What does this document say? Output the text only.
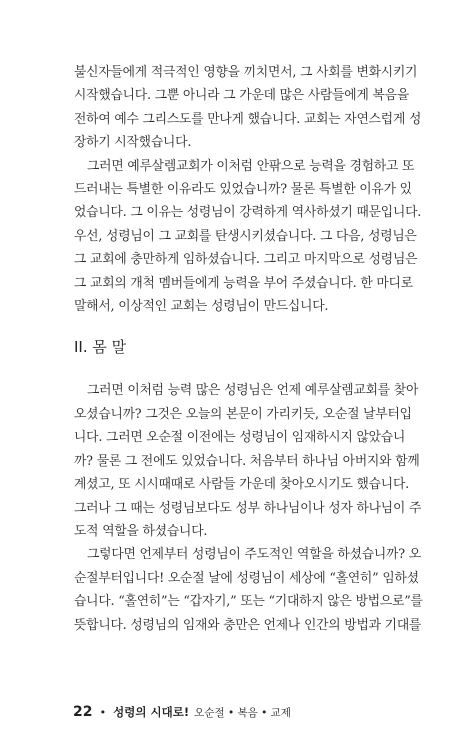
불신자들에게 적극적인 영향을 끼치면서, 그 사회를 변화시키기
시작했습니다. 그뿐 아니라 그 가운데 많은 사람들에게 복음을
전하여 예수 그리스도를 만나게 했습니다. 교회는 자연스럽게 성
장하기 시작했습니다.

그러면 예루살렘교회가 이처럼 안팎으로 능력을 경험하고 또
드러내는 특별한 이유라도 있었습니까? 물론 특별한 이유가 있
었습니다. 그 이유는 성령님이 강력하게 역사하셨기 때문입니다.
우선, 성령님이 그 교회를 탄생시키셨습니다. 그 다음, 성령님은
그 교회에 충만하게 임하셨습니다. 그리고 마지막으로 성령님은
그 교회의 개척 멤버들에게 능력을 부어 주셨습니다. 한 마디로
말해서, 이상적인 교회는 성령님이 만드십니다.

II. 몸 말

그러면 이처럼 능력 많은 성령님은 언제 예루살렘교회를 찾아
오셨습니까? 그것은 오늘의 본문이 가리키듯, 오순절 날부터입
니다. 그러면 오순절 이전에는 성령님이 임재하시지 않았습니
까? 물론 그 전에도 있었습니다. 처음부터 하나님 아버지와 함께
계셨고, 또 시시때때로 사람들 가운데 찾아오시기도 했습니다.
그러나 그 때는 성령님보다도 성부 하나님이나 성자 하나님이 주
도적 역할을 하셨습니다.

그렇다면 언제부터 성령님이 주도적인 역할을 하셨습니까? 오
순절부터입니다! 오순절 날에 성령님이 세상에 “홀연히” 임하셨
습니다. “홀연히”는 “갑자기,” 또는 “기대하지 않은 방법으로”를
뜻합니다. 성령님의 임재와 충만은 언제나 인간의 방법과 기대를

22 • 성령의 시대로! 오순절 • 복음 • 교제
